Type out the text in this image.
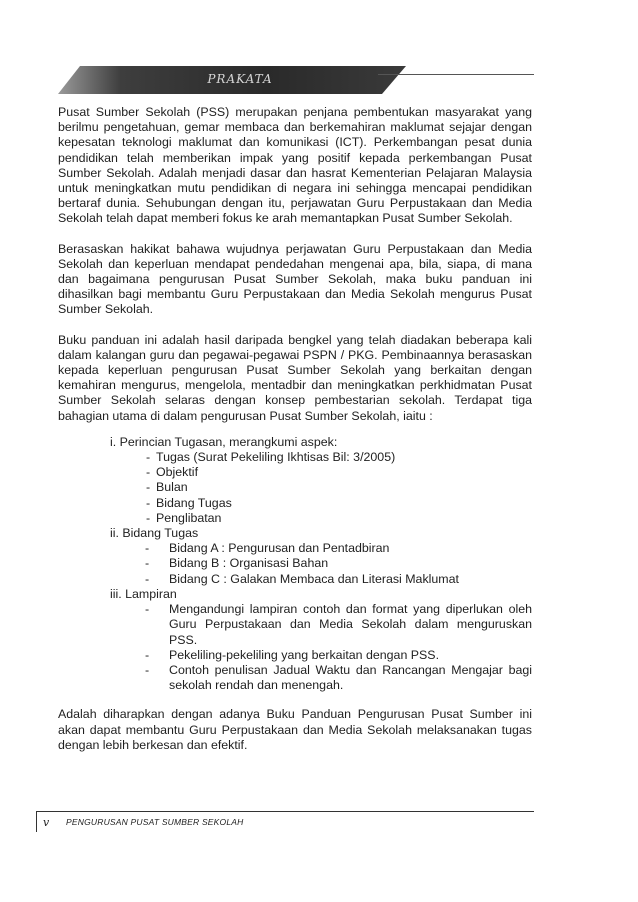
PRAKATA

Pusat Sumber Sekolah (PSS) merupakan penjana pembentukan masyarakat yang berilmu pengetahuan, gemar membaca dan berkemahiran maklumat sejajar dengan kepesatan teknologi maklumat dan komunikasi (ICT). Perkembangan pesat dunia pendidikan telah memberikan impak yang positif kepada perkembangan Pusat Sumber Sekolah. Adalah menjadi dasar dan hasrat Kementerian Pelajaran Malaysia untuk meningkatkan mutu pendidikan di negara ini sehingga mencapai pendidikan bertaraf dunia. Sehubungan dengan itu, perjawatan Guru Perpustakaan dan Media Sekolah telah dapat memberi fokus ke arah memantapkan Pusat Sumber Sekolah.

Berasaskan hakikat bahawa wujudnya perjawatan Guru Perpustakaan dan Media Sekolah dan keperluan mendapat pendedahan mengenai apa, bila, siapa, di mana dan bagaimana pengurusan Pusat Sumber Sekolah, maka buku panduan ini dihasilkan bagi membantu Guru Perpustakaan dan Media Sekolah mengurus Pusat Sumber Sekolah.

Buku panduan ini adalah hasil daripada bengkel yang telah diadakan beberapa kali dalam kalangan guru dan pegawai-pegawai PSPN / PKG. Pembinaannya berasaskan kepada keperluan pengurusan Pusat Sumber Sekolah yang berkaitan dengan kemahiran mengurus, mengelola, mentadbir dan meningkatkan perkhidmatan Pusat Sumber Sekolah selaras dengan konsep pembestarian sekolah. Terdapat tiga bahagian utama di dalam pengurusan Pusat Sumber Sekolah, iaitu :

i. Perincian Tugasan, merangkumi aspek:
- Tugas (Surat Pekeliling Ikhtisas Bil: 3/2005)
- Objektif
- Bulan
- Bidang Tugas
- Penglibatan
ii. Bidang Tugas
-	Bidang A : Pengurusan dan Pentadbiran
-	Bidang B : Organisasi Bahan
-	Bidang C : Galakan Membaca dan Literasi Maklumat
iii. Lampiran
-	Mengandungi lampiran contoh dan format yang diperlukan oleh Guru Perpustakaan dan Media Sekolah dalam menguruskan PSS.
-	Pekeliling-pekeliling yang berkaitan dengan PSS.
-	Contoh penulisan Jadual Waktu dan Rancangan Mengajar bagi sekolah rendah dan menengah.

Adalah diharapkan dengan adanya Buku Panduan Pengurusan Pusat Sumber ini akan dapat membantu Guru Perpustakaan dan Media Sekolah melaksanakan tugas dengan lebih berkesan dan efektif.

v PENGURUSAN PUSAT SUMBER SEKOLAH
